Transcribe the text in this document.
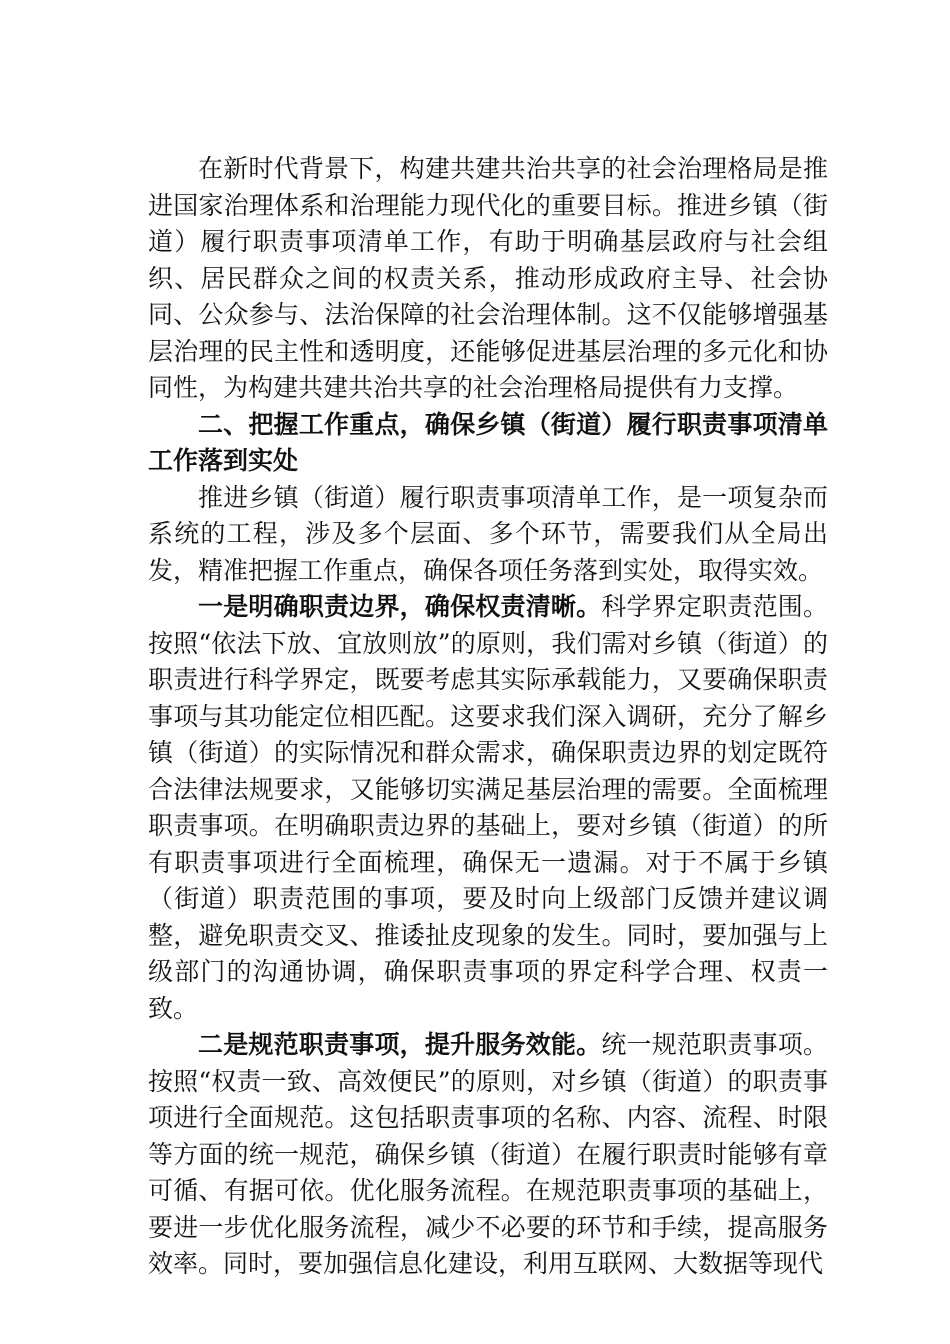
在新时代背景下，构建共建共治共享的社会治理格局是推进国家治理体系和治理能力现代化的重要目标。推进乡镇（街道）履行职责事项清单工作，有助于明确基层政府与社会组织、居民群众之间的权责关系，推动形成政府主导、社会协同、公众参与、法治保障的社会治理体制。这不仅能够增强基层治理的民主性和透明度，还能够促进基层治理的多元化和协同性，为构建共建共治共享的社会治理格局提供有力支撑。

二、把握工作重点，确保乡镇（街道）履行职责事项清单工作落到实处

推进乡镇（街道）履行职责事项清单工作，是一项复杂而系统的工程，涉及多个层面、多个环节，需要我们从全局出发，精准把握工作重点，确保各项任务落到实处，取得实效。

一是明确职责边界，确保权责清晰。科学界定职责范围。按照“依法下放、宜放则放”的原则，我们需对乡镇（街道）的职责进行科学界定，既要考虑其实际承载能力，又要确保职责事项与其功能定位相匹配。这要求我们深入调研，充分了解乡镇（街道）的实际情况和群众需求，确保职责边界的划定既符合法律法规要求，又能够切实满足基层治理的需要。全面梳理职责事项。在明确职责边界的基础上，要对乡镇（街道）的所有职责事项进行全面梳理，确保无一遗漏。对于不属于乡镇（街道）职责范围的事项，要及时向上级部门反馈并建议调整，避免职责交叉、推诿扯皮现象的发生。同时，要加强与上级部门的沟通协调，确保职责事项的界定科学合理、权责一致。

二是规范职责事项，提升服务效能。统一规范职责事项。按照“权责一致、高效便民”的原则，对乡镇（街道）的职责事项进行全面规范。这包括职责事项的名称、内容、流程、时限等方面的统一规范，确保乡镇（街道）在履行职责时能够有章可循、有据可依。优化服务流程。在规范职责事项的基础上，要进一步优化服务流程，减少不必要的环节和手续，提高服务效率。同时，要加强信息化建设，利用互联网、大数据等现代
